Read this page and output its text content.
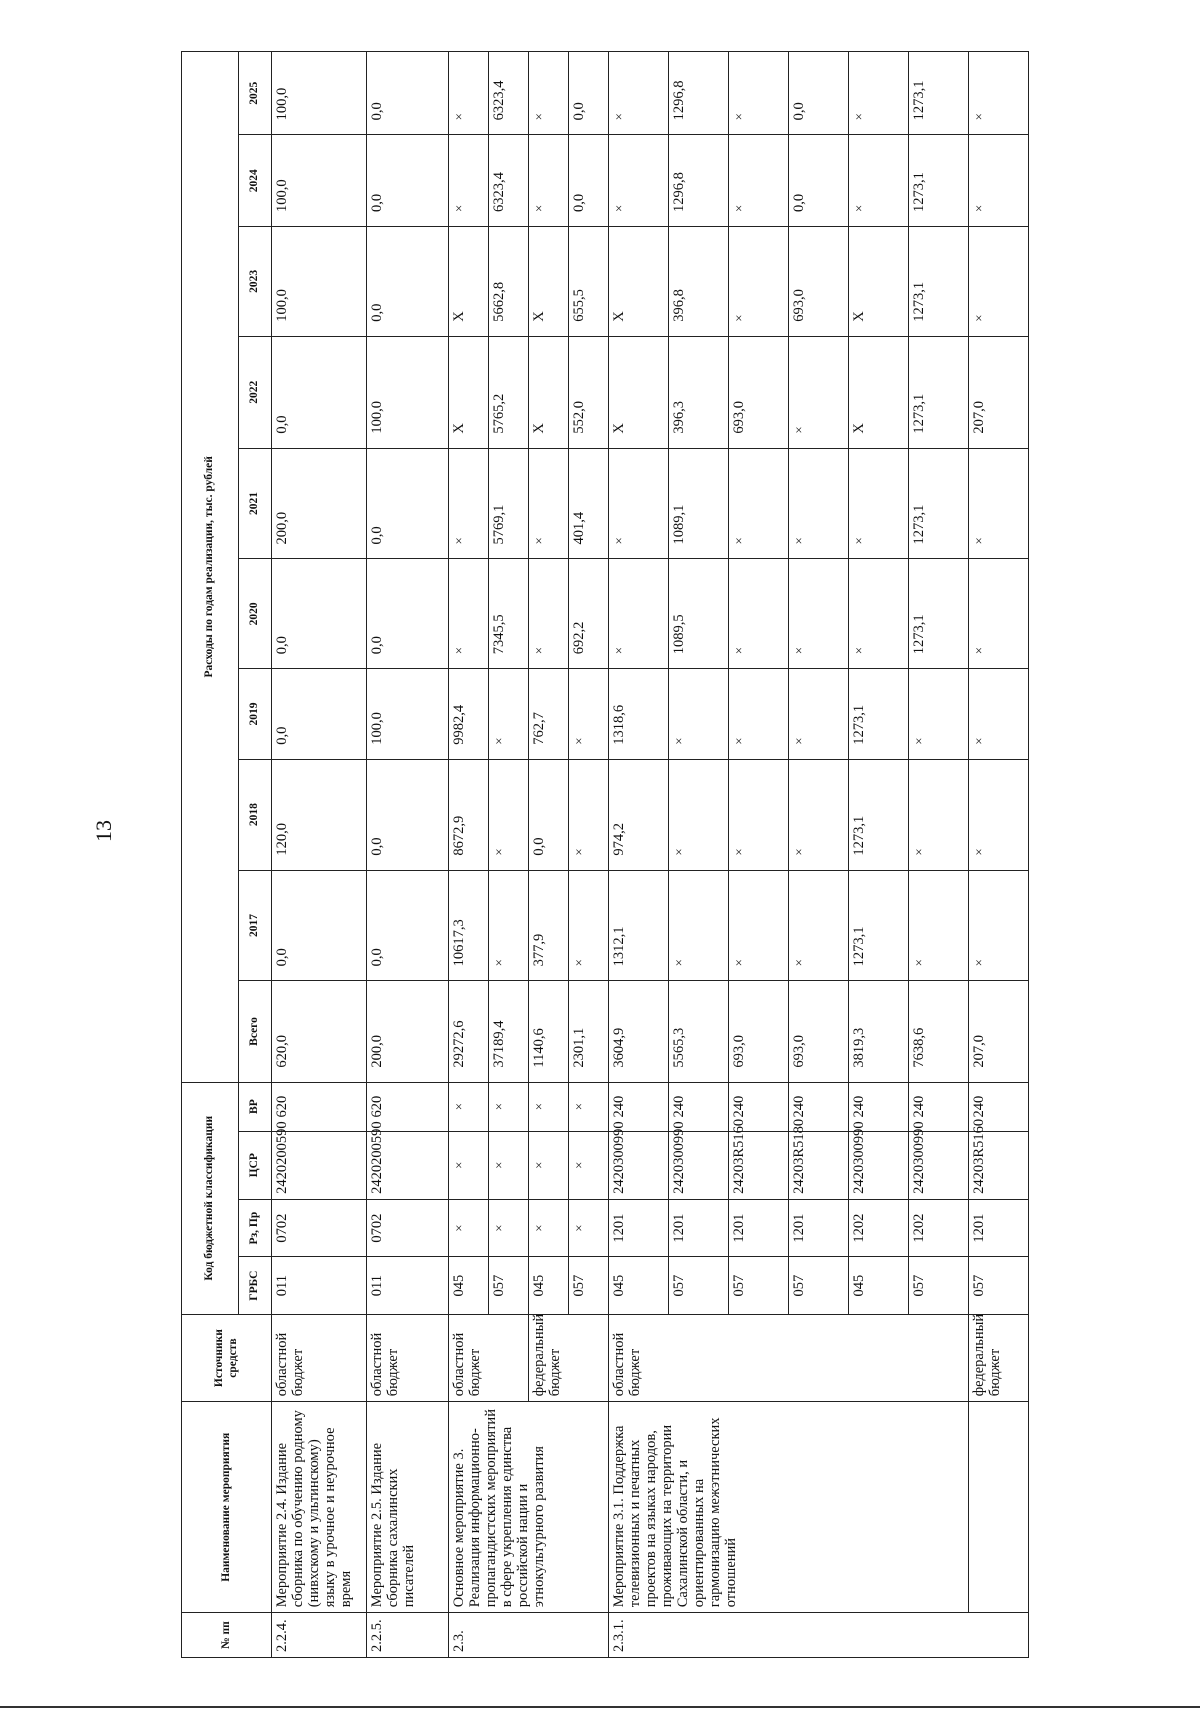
13
№ пп	Наименование мероприятия	Источники средств	Код бюджетной классификации				Расходы по годам реализации, тыс. рублей									
			ГРБС	Рз, Пр	ЦСР	ВР	Всего	2017	2018	2019	2020	2021	2022	2023	2024	2025
2.2.4.	Мероприятие 2.4. Издание сборника по обучению родному (нивхскому и ультинскому) языку в урочное и неурочное время	областной бюджет	011	0702	2420200590	620	620,0	0,0	120,0	0,0	0,0	200,0	0,0	100,0	100,0	100,0
2.2.5.	Мероприятие 2.5. Издание сборника сахалинских писателей	областной бюджет	011	0702	2420200590	620	200,0	0,0	0,0	100,0	0,0	0,0	100,0	0,0	0,0	0,0
2.3.	Основное мероприятие 3. Реализация информационно-пропагандистских мероприятий в сфере укрепления единства российской нации и этнокультурного развития	областной бюджет	045	×	×	×	29272,6	10617,3	8672,9	9982,4	×	×	X	X	×	×
			057	×	×	×	37189,4	×	×	×	7345,5	5769,1	5765,2	5662,8	6323,4	6323,4
		федеральный бюджет	045	×	×	×	1140,6	377,9	0,0	762,7	×	×	X	X	×	×
			057	×	×	×	2301,1	×	×	×	692,2	401,4	552,0	655,5	0,0	0,0
2.3.1.	Мероприятие 3.1. Поддержка телевизионных и печатных проектов на языках народов, проживающих на территории Сахалинской области, и ориентированных на гармонизацию межэтнических отношений	областной бюджет	045	1201	2420300990	240	3604,9	1312,1	974,2	1318,6	×	×	X	X	×	×
			057	1201	2420300990	240	5565,3	×	×	×	1089,5	1089,1	396,3	396,8	1296,8	1296,8
			057	1201	24203R5160	240	693,0	×	×	×	×	×	693,0	×	×	×
			057	1201	24203R5180	240	693,0	×	×	×	×	×	×	693,0	0,0	0,0
			045	1202	2420300990	240	3819,3	1273,1	1273,1	1273,1	×	×	X	X	×	×
			057	1202	2420300990	240	7638,6	×	×	×	1273,1	1273,1	1273,1	1273,1	1273,1	1273,1
		федеральный бюджет	057	1201	24203R5160	240	207,0	×	×	×	×	×	207,0	×	×	×
